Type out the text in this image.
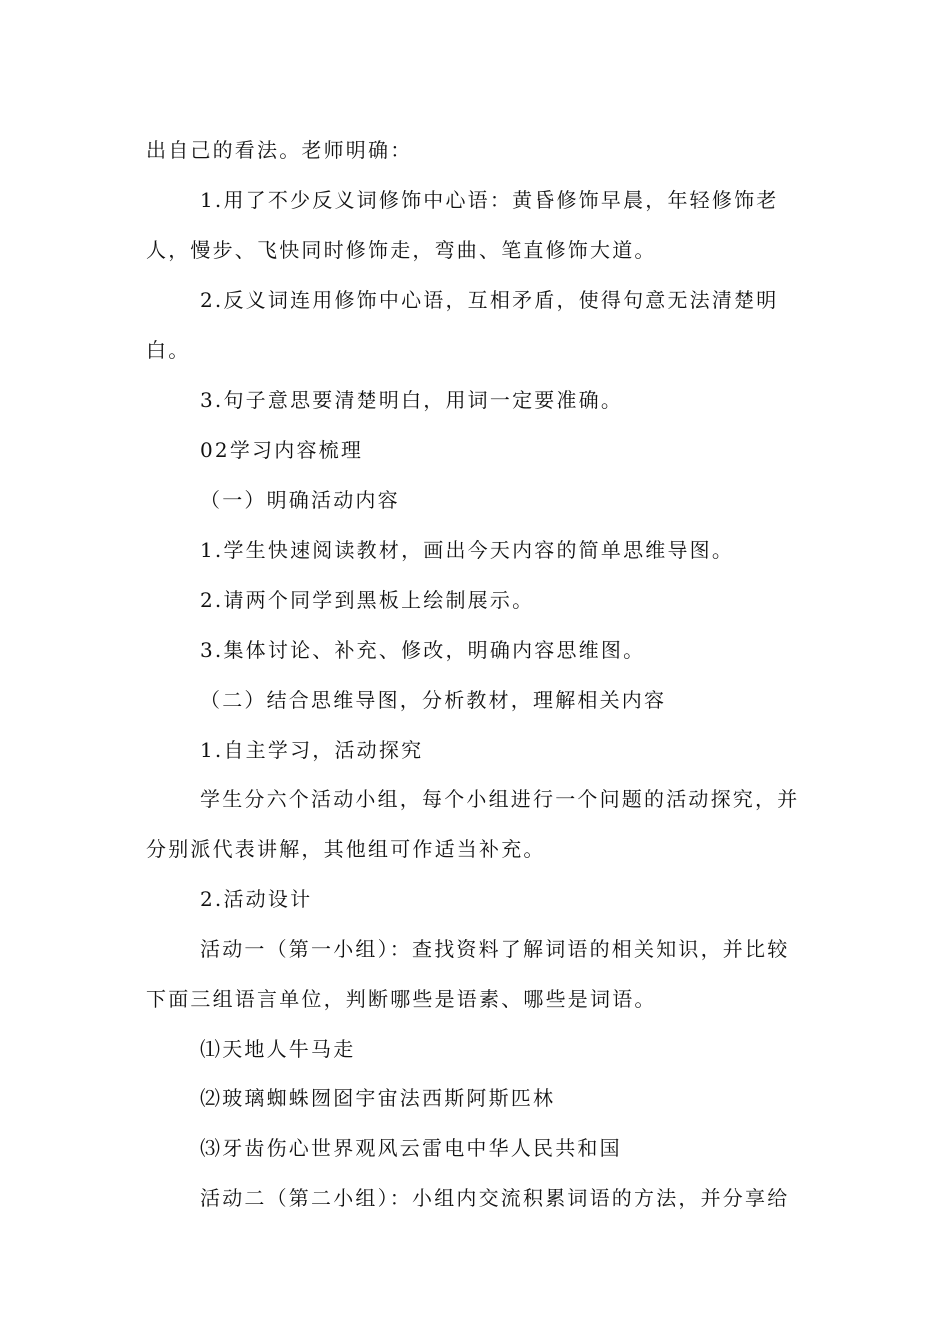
出自己的看法。老师明确：
1.用了不少反义词修饰中心语：黄昏修饰早晨，年轻修饰老
人，慢步、飞快同时修饰走，弯曲、笔直修饰大道。
2.反义词连用修饰中心语，互相矛盾，使得句意无法清楚明
白。
3.句子意思要清楚明白，用词一定要准确。
02学习内容梳理
（一）明确活动内容
1.学生快速阅读教材，画出今天内容的简单思维导图。
2.请两个同学到黑板上绘制展示。
3.集体讨论、补充、修改，明确内容思维图。
（二）结合思维导图，分析教材，理解相关内容
1.自主学习，活动探究
学生分六个活动小组，每个小组进行一个问题的活动探究，并
分别派代表讲解，其他组可作适当补充。
2.活动设计
活动一（第一小组）：查找资料了解词语的相关知识，并比较
下面三组语言单位，判断哪些是语素、哪些是词语。
⑴天地人牛马走
⑵玻璃蜘蛛囫囵宇宙法西斯阿斯匹林
⑶牙齿伤心世界观风云雷电中华人民共和国
活动二（第二小组）：小组内交流积累词语的方法，并分享给
